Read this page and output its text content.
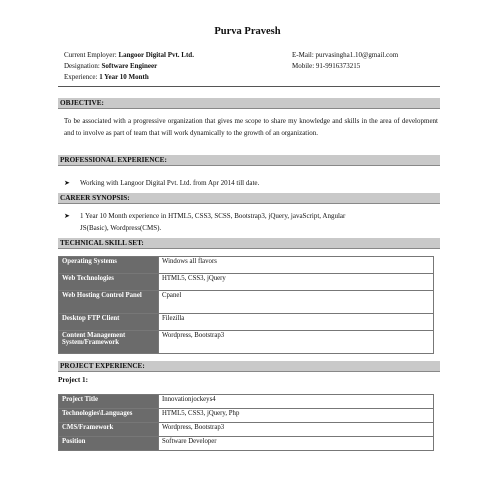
Purva Pravesh
Current Employer: Langoor Digital Pvt. Ltd.	E-Mail: purvasingha1.10@gmail.com
Designation: Software Engineer	Mobile: 91-9916373215
Experience: 1 Year 10 Month
OBJECTIVE:
To be associated with a progressive organization that gives me scope to share my knowledge and skills in the area of development and to involve as part of team that will work dynamically to the growth of an organization.
PROFESSIONAL EXPERIENCE:
➤ Working with Langoor Digital Pvt. Ltd. from Apr 2014 till date.
CAREER SYNOPSIS:
➤ 1 Year 10 Month experience in HTML5, CSS3, SCSS, Bootstrap3, jQuery, javaScript, Angular
JS(Basic), Wordpress(CMS).
TECHNICAL SKILL SET:
Operating Systems	Windows all flavors
Web Technologies	HTML5, CSS3, jQuery
Web Hosting Control Panel	Cpanel
Desktop FTP Client	Filezilla
Content Management System/Framework	Wordpress, Bootstrap3
PROJECT EXPERIENCE:
Project 1:
Project Title	Innovationjockeys4
Technologies\Languages	HTML5, CSS3, jQuery, Php
CMS/Framework	Wordpress, Bootstrap3
Position	Software Developer
